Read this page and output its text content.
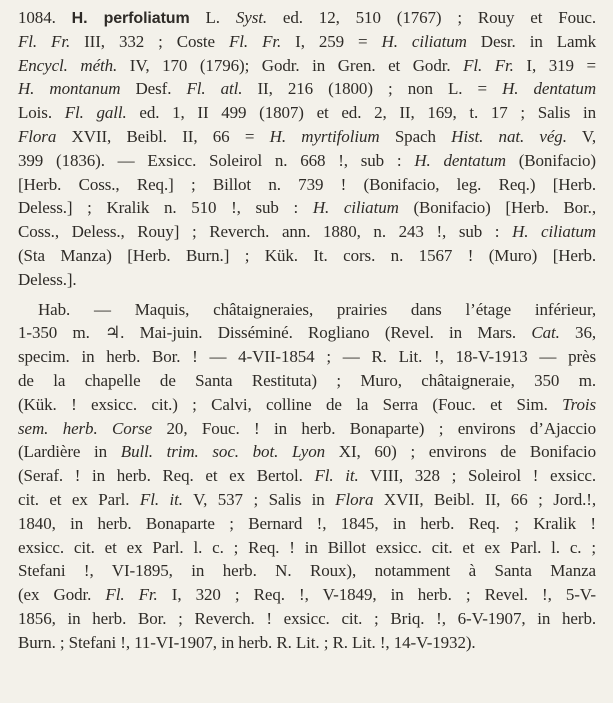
1084. H. perfoliatum L. Syst. ed. 12, 510 (1767) ; Rouy et Fouc.
Fl. Fr. III, 332 ; Coste Fl. Fr. I, 259 = H. ciliatum Desr. in Lamk
Encycl. méth. IV, 170 (1796); Godr. in Gren. et Godr. Fl. Fr. I, 319 =
H. montanum Desf. Fl. atl. II, 216 (1800) ; non L. = H. dentatum
Lois. Fl. gall. ed. 1, II 499 (1807) et ed. 2, II, 169, t. 17 ; Salis in
Flora XVII, Beibl. II, 66 = H. myrtifolium Spach Hist. nat. vég. V,
399 (1836). — Exsicc. Soleirol n. 668 !, sub : H. dentatum (Bonifacio)
[Herb. Coss., Req.] ; Billot n. 739 ! (Bonifacio, leg. Req.) [Herb.
Deless.] ; Kralik n. 510 !, sub : H. ciliatum (Bonifacio) [Herb. Bor.,
Coss., Deless., Rouy] ; Reverch. ann. 1880, n. 243 !, sub : H. ciliatum
(Sta Manza) [Herb. Burn.] ; Kük. It. cors. n. 1567 ! (Muro) [Herb.
Deless.].
Hab. — Maquis, châtaigneraies, prairies dans l’étage inférieur,
1-350 m. ♃. Mai-juin. Disséminé. Rogliano (Revel. in Mars. Cat. 36,
specim. in herb. Bor. ! — 4-VII-1854 ; — R. Lit. !, 18-V-1913 — près
de la chapelle de Santa Restituta) ; Muro, châtaigneraie, 350 m.
(Kük. ! exsicc. cit.) ; Calvi, colline de la Serra (Fouc. et Sim. Trois
sem. herb. Corse 20, Fouc. ! in herb. Bonaparte) ; environs d’Ajaccio
(Lardière in Bull. trim. soc. bot. Lyon XI, 60) ; environs de Bonifacio
(Seraf. ! in herb. Req. et ex Bertol. Fl. it. VIII, 328 ; Soleirol ! exsicc.
cit. et ex Parl. Fl. it. V, 537 ; Salis in Flora XVII, Beibl. II, 66 ; Jord.!,
1840, in herb. Bonaparte ; Bernard !, 1845, in herb. Req. ; Kralik !
exsicc. cit. et ex Parl. l. c. ; Req. ! in Billot exsicc. cit. et ex Parl. l. c. ;
Stefani !, VI-1895, in herb. N. Roux), notamment à Santa Manza
(ex Godr. Fl. Fr. I, 320 ; Req. !, V-1849, in herb. ; Revel. !, 5-V-
1856, in herb. Bor. ; Reverch. ! exsicc. cit. ; Briq. !, 6-V-1907, in herb.
Burn. ; Stefani !, 11-VI-1907, in herb. R. Lit. ; R. Lit. !, 14-V-1932).
